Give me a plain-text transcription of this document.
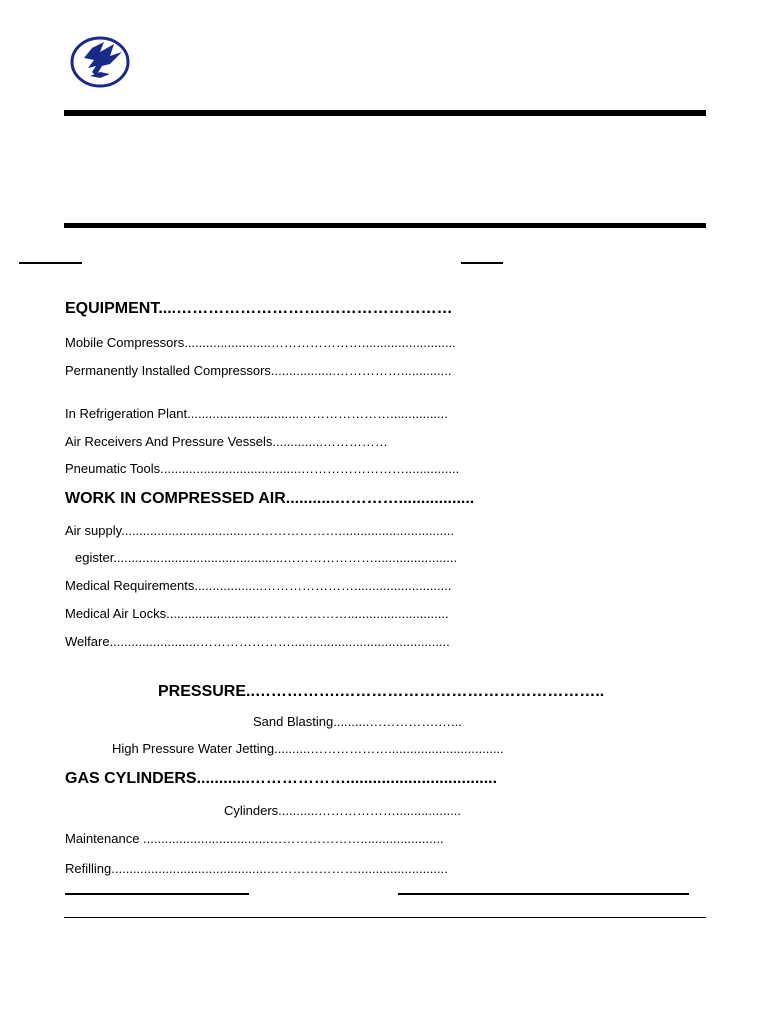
EQUIPMENT....……………………….……………………
Mobile Compressors........................…………………..........................
Permanently Installed Compressors..................……………..............
In Refrigeration Plant...............................…………………................
Air Receivers And Pressure Vessels..............……………
Pneumatic Tools.......................................……………………...............
WORK IN COMPRESSED AIR...........………….................
Air supply...................................…………………................................
egister...............................................………………….......................
Medical Requirements...................…………………...........................
Medical Air Locks.........................…………………............................
Welfare.........................…………………............................................
PRESSURE..…………….…………………………………………..
Sand Blasting..........…………….…...
High Pressure Water Jetting..........………………................................
GAS CYLINDERS............………………..................................
Cylinders...........………………..................
Maintenance ...................................………………….......................
Refilling...........................................………………….........................
